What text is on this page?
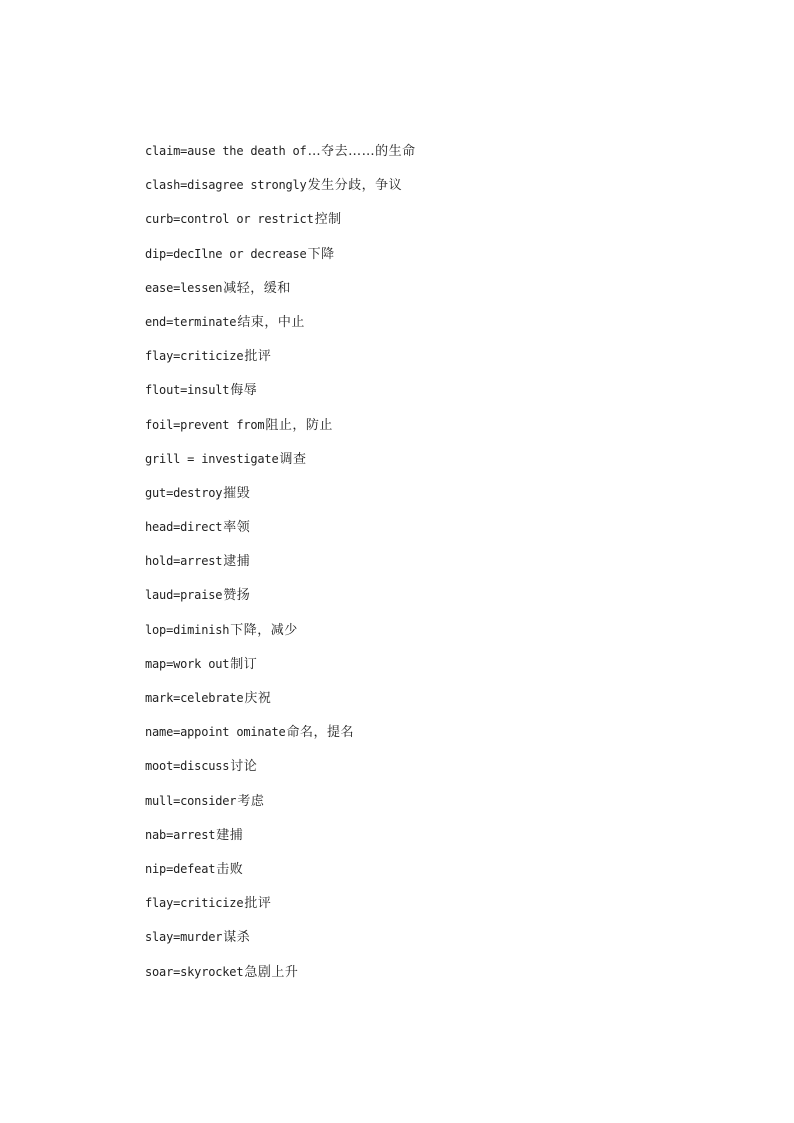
claim=ause the death of…夺去……的生命
clash=disagree strongly发生分歧，争议
curb=control or restrict控制
dip=decIlne or decrease下降
ease=lessen减轻，缓和
end=terminate结束，中止
flay=criticize批评
flout=insult侮辱
foil=prevent from阻止，防止
grill = investigate调查
gut=destroy摧毁
head=direct率领
hold=arrest逮捕
laud=praise赞扬
lop=diminish下降，减少
map=work out制订
mark=celebrate庆祝
name=appoint ominate命名，提名
moot=discuss讨论
mull=consider考虑
nab=arrest建捕
nip=defeat击败
flay=criticize批评
slay=murder谋杀
soar=skyrocket急剧上升
